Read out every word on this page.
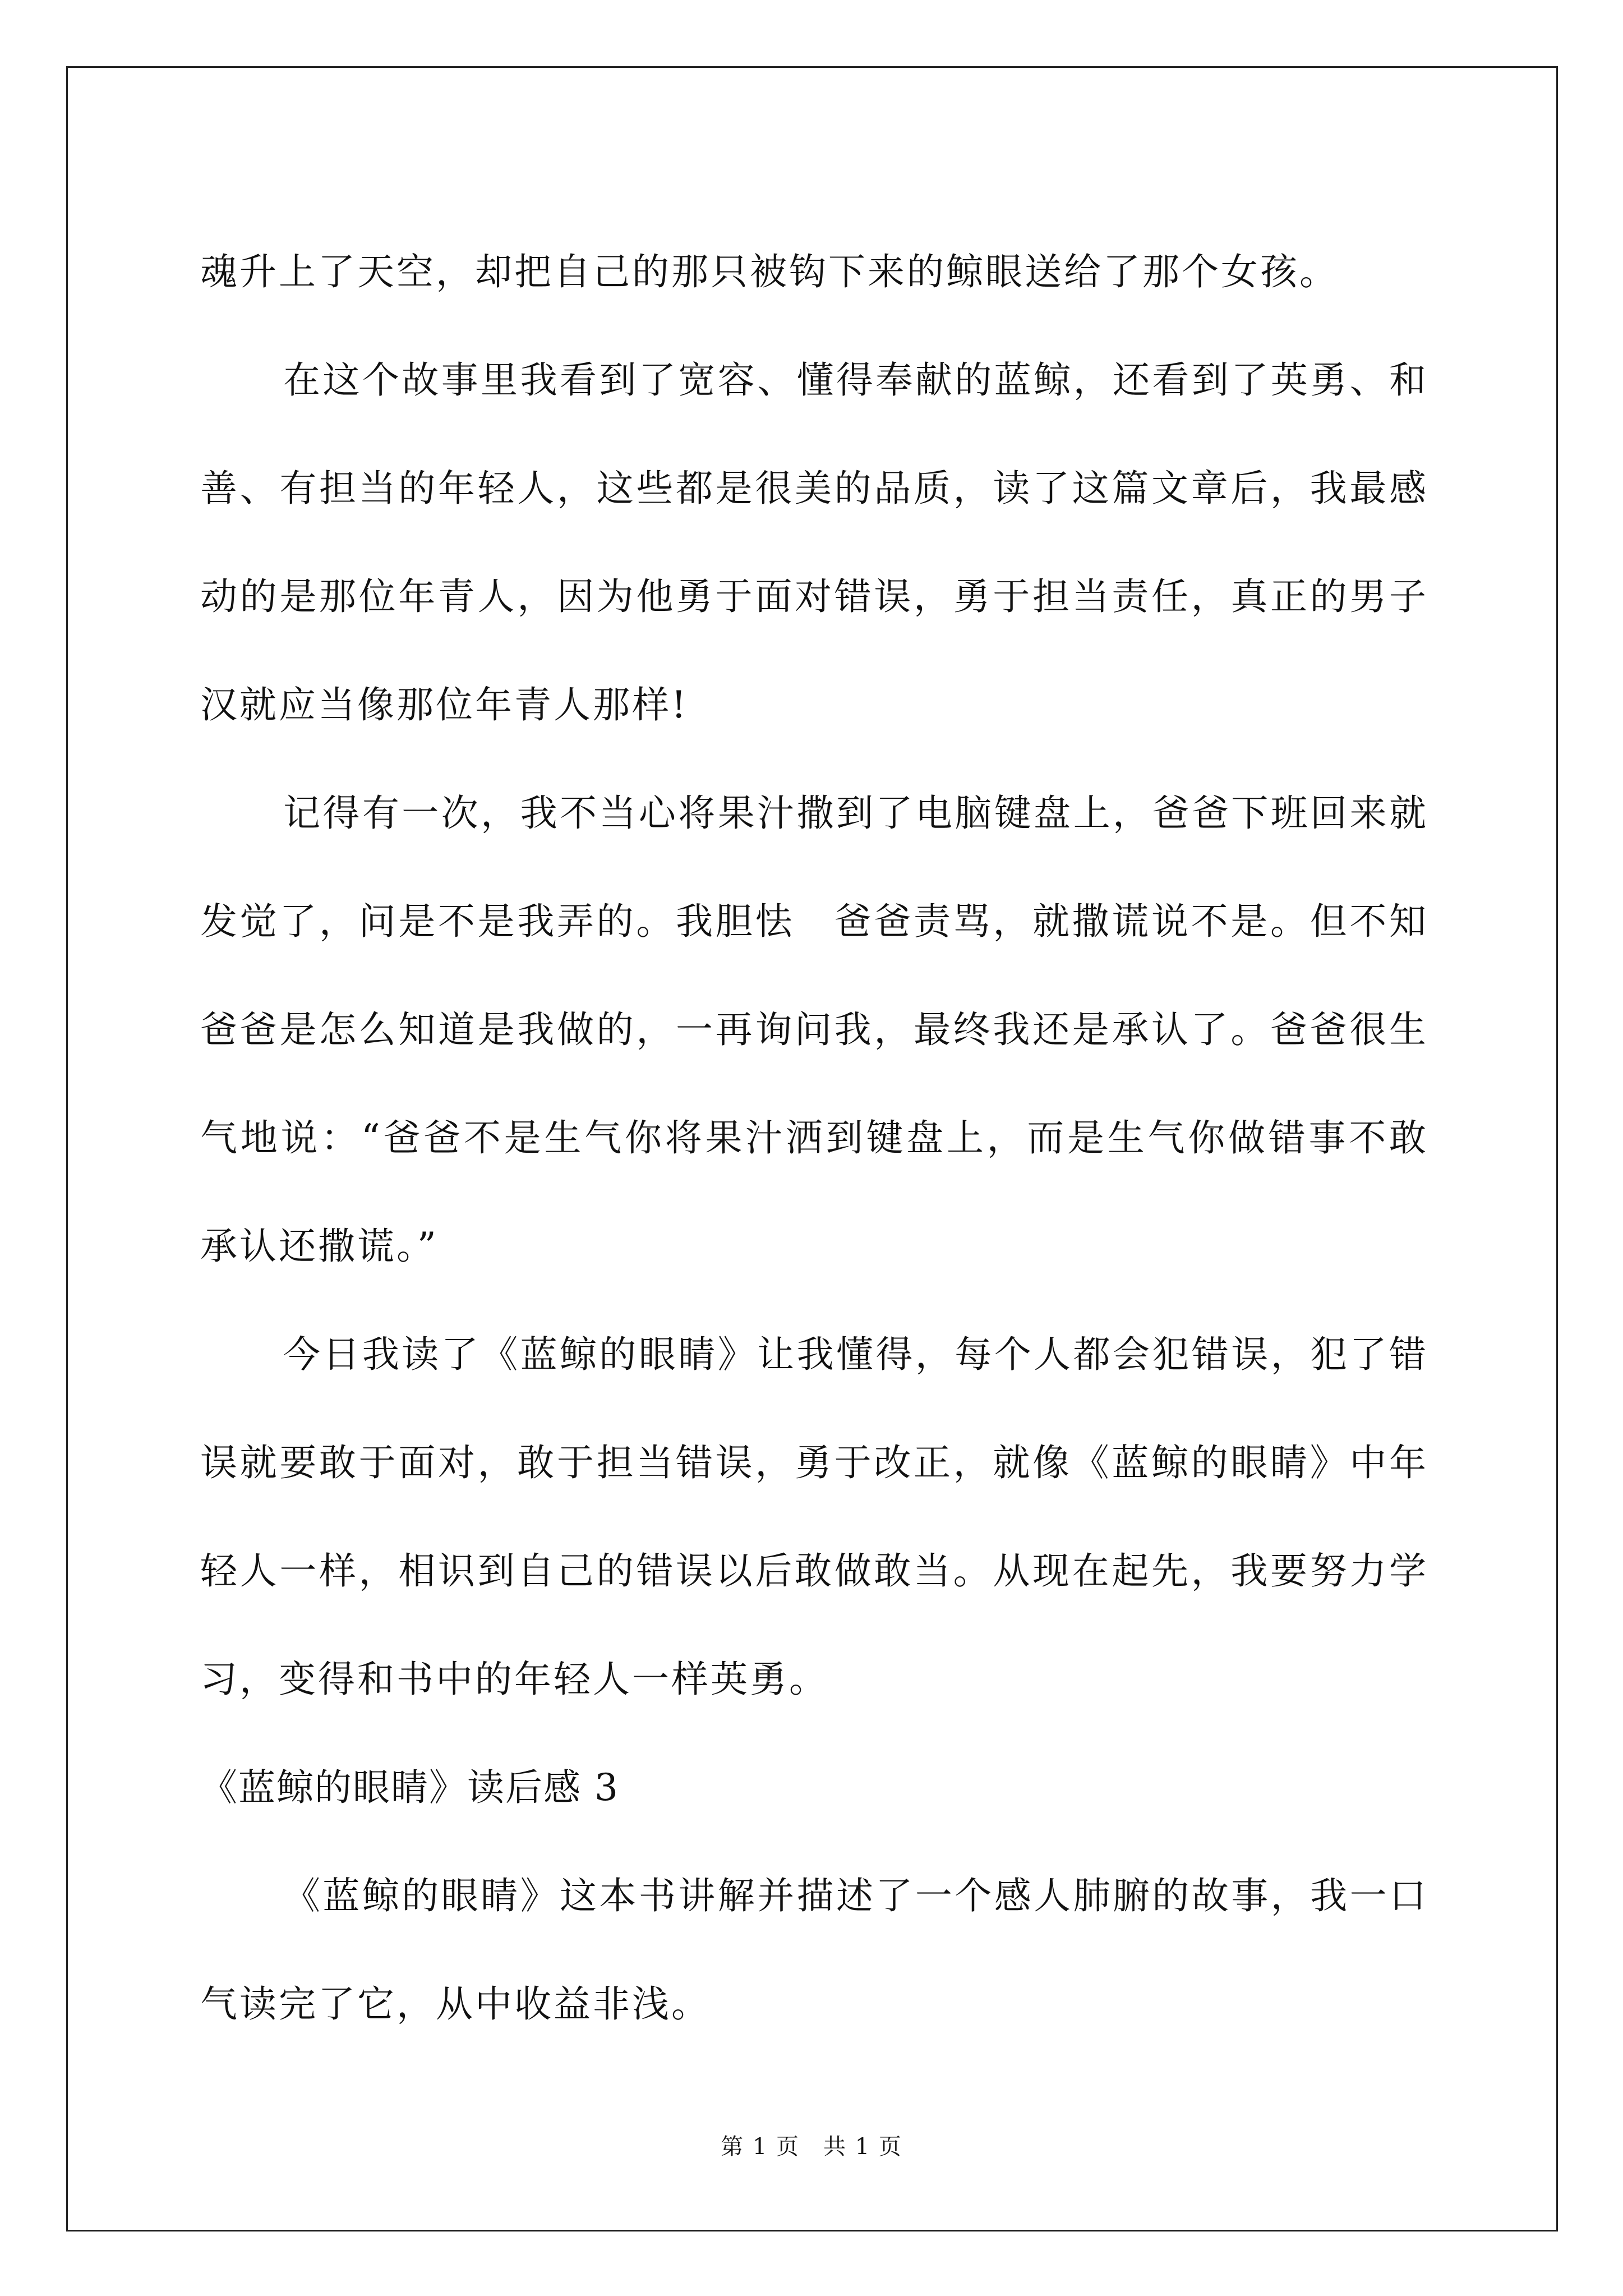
魂升上了天空，却把自己的那只被钩下来的鲸眼送给了那个女孩。

在这个故事里我看到了宽容、懂得奉献的蓝鲸，还看到了英勇、和善、有担当的年轻人，这些都是很美的品质，读了这篇文章后，我最感动的是那位年青人，因为他勇于面对错误，勇于担当责任，真正的男子汉就应当像那位年青人那样!

记得有一次，我不当心将果汁撒到了电脑键盘上，爸爸下班回来就发觉了，问是不是我弄的。我胆怯　爸爸责骂，就撒谎说不是。但不知爸爸是怎么知道是我做的，一再询问我，最终我还是承认了。爸爸很生气地说：“爸爸不是生气你将果汁洒到键盘上，而是生气你做错事不敢承认还撒谎。”

今日我读了《蓝鲸的眼睛》让我懂得，每个人都会犯错误，犯了错误就要敢于面对，敢于担当错误，勇于改正，就像《蓝鲸的眼睛》中年轻人一样，相识到自己的错误以后敢做敢当。从现在起先，我要努力学习，变得和书中的年轻人一样英勇。

《蓝鲸的眼睛》读后感 3

《蓝鲸的眼睛》这本书讲解并描述了一个感人肺腑的故事，我一口气读完了它，从中收益非浅。

第 1 页　共 1 页
